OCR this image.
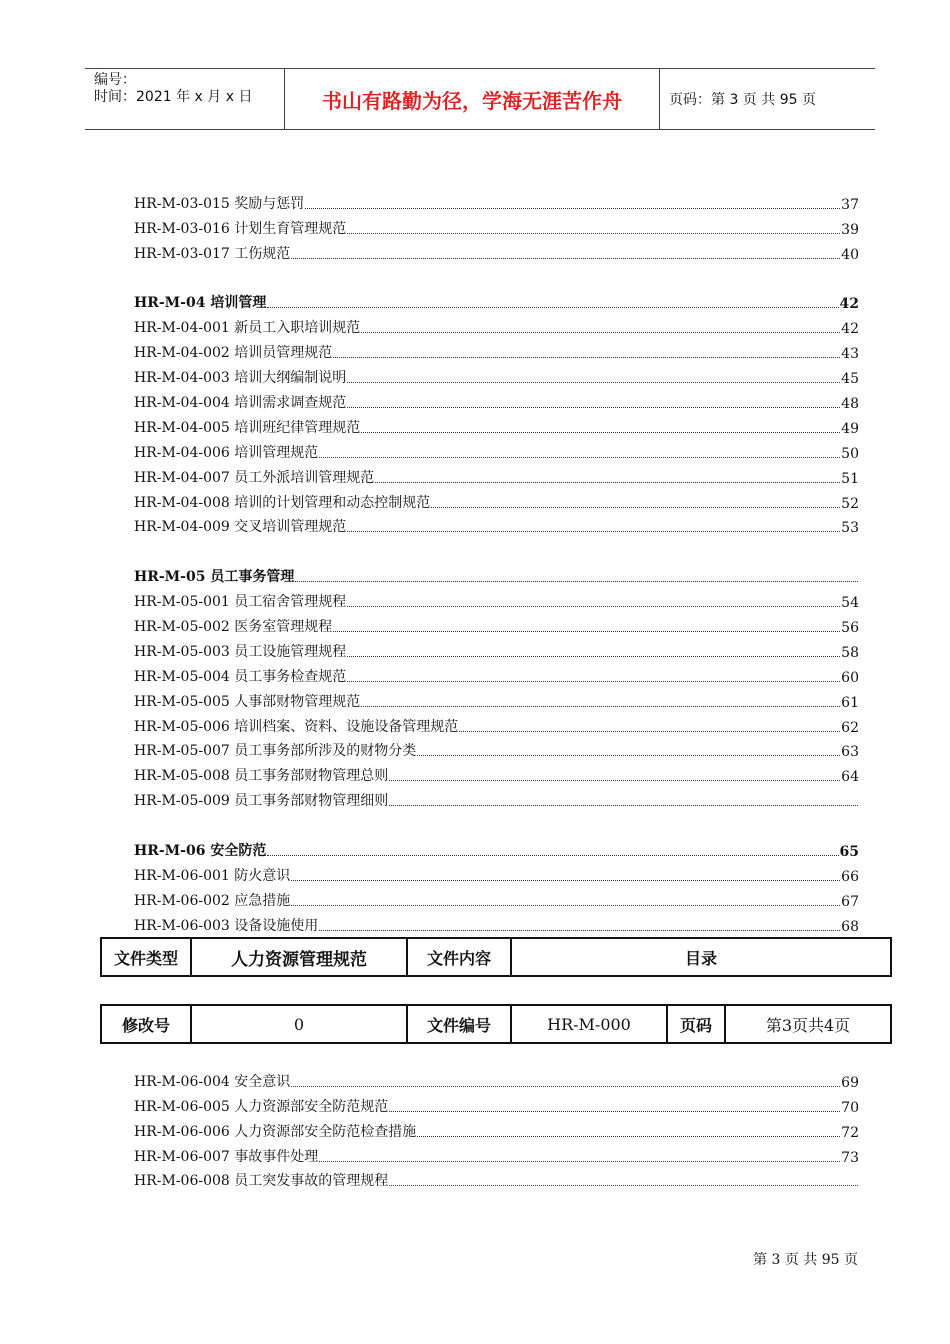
编号：
时间：2021 年 x 月 x 日	书山有路勤为径，学海无涯苦作舟	页码：第 3 页 共 95 页
HR-M-03-015 奖励与惩罚	37
HR-M-03-016 计划生育管理规范	39
HR-M-03-017 工伤规范	40
HR-M-04 培训管理	42
HR-M-04-001 新员工入职培训规范	42
HR-M-04-002 培训员管理规范	43
HR-M-04-003 培训大纲编制说明	45
HR-M-04-004 培训需求调查规范	48
HR-M-04-005 培训班纪律管理规范	49
HR-M-04-006 培训管理规范	50
HR-M-04-007 员工外派培训管理规范	51
HR-M-04-008 培训的计划管理和动态控制规范	52
HR-M-04-009 交叉培训管理规范	53
HR-M-05 员工事务管理
HR-M-05-001 员工宿舍管理规程	54
HR-M-05-002 医务室管理规程	56
HR-M-05-003 员工设施管理规程	58
HR-M-05-004 员工事务检查规范	60
HR-M-05-005 人事部财物管理规范	61
HR-M-05-006 培训档案、资料、设施设备管理规范	62
HR-M-05-007 员工事务部所涉及的财物分类	63
HR-M-05-008 员工事务部财物管理总则	64
HR-M-05-009 员工事务部财物管理细则
HR-M-06 安全防范	65
HR-M-06-001 防火意识	66
HR-M-06-002 应急措施	67
HR-M-06-003 设备设施使用	68
文件类型	人力资源管理规范	文件内容	目录
修改号	0	文件编号	HR-M-000	页码	第3页共4页
HR-M-06-004 安全意识	69
HR-M-06-005 人力资源部安全防范规范	70
HR-M-06-006 人力资源部安全防范检查措施	72
HR-M-06-007 事故事件处理	73
HR-M-06-008 员工突发事故的管理规程
第 3 页 共 95 页
